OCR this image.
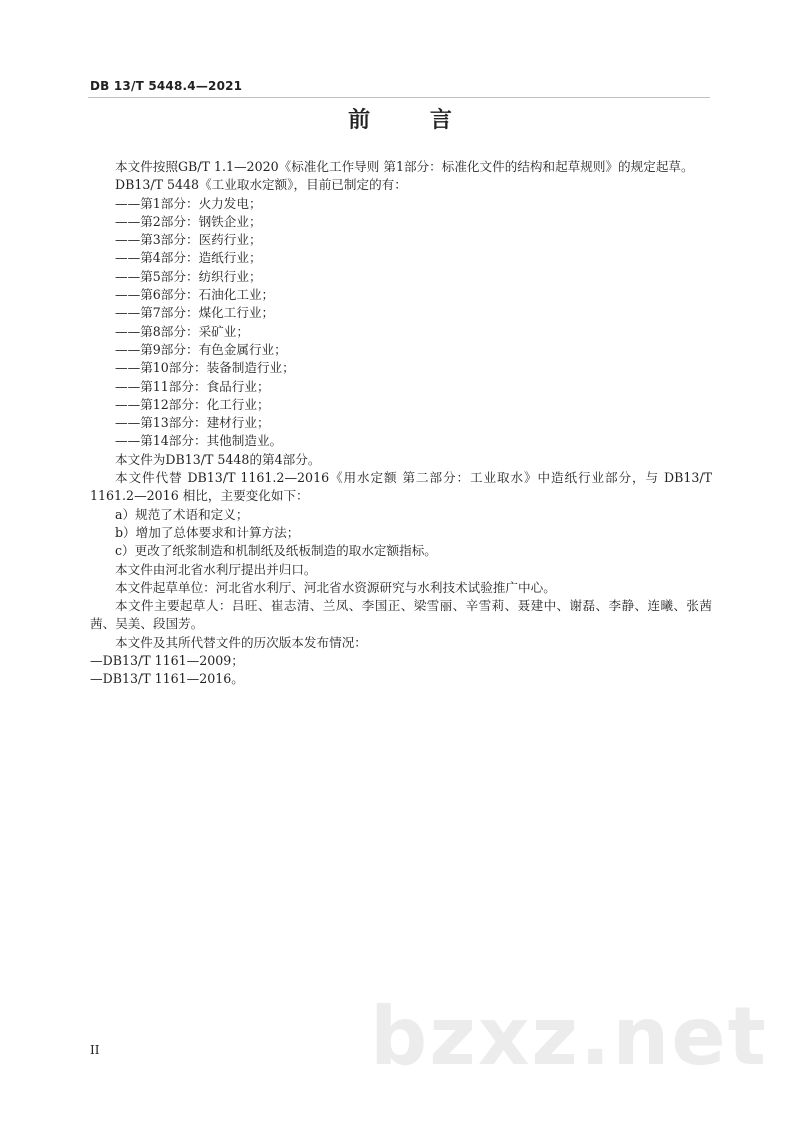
DB 13/T 5448.4—2021
前 言

本文件按照GB/T 1.1—2020《标准化工作导则 第1部分：标准化文件的结构和起草规则》的规定起草。

DB13/T 5448《工业取水定额》，目前已制定的有：

——第1部分：火力发电；

——第2部分：钢铁企业；

——第3部分：医药行业；

——第4部分：造纸行业；

——第5部分：纺织行业；

——第6部分：石油化工业；

——第7部分：煤化工行业；

——第8部分：采矿业；

——第9部分：有色金属行业；

——第10部分：装备制造行业；

——第11部分：食品行业；

——第12部分：化工行业；

——第13部分：建材行业；

——第14部分：其他制造业。

本文件为DB13/T 5448的第4部分。

本文件代替 DB13/T 1161.2—2016《用水定额 第二部分：工业取水》中造纸行业部分，与 DB13/T 1161.2—2016 相比，主要变化如下：

a）规范了术语和定义；

b）增加了总体要求和计算方法；

c）更改了纸浆制造和机制纸及纸板制造的取水定额指标。

本文件由河北省水利厅提出并归口。

本文件起草单位：河北省水利厅、河北省水资源研究与水利技术试验推广中心。

本文件主要起草人：吕旺、崔志清、兰凤、李国正、梁雪丽、辛雪莉、聂建中、谢磊、李静、连曦、张茜茜、吴美、段国芳。

本文件及其所代替文件的历次版本发布情况：

—DB13/T 1161—2009；

—DB13/T 1161—2016。

II	bzxz.net
